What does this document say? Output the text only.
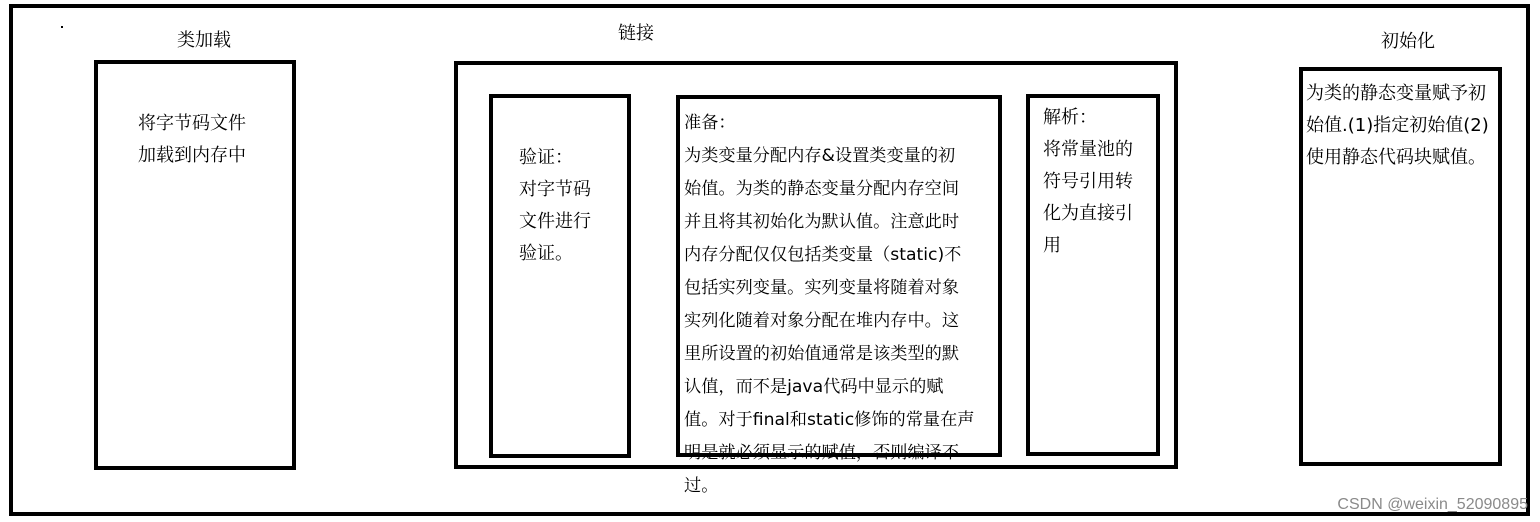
类加载
将字节码文件
加载到内存中
链接
验证：
对字节码
文件进行
验证。
准备：
为类变量分配内存&设置类变量的初
始值。为类的静态变量分配内存空间
并且将其初始化为默认值。注意此时
内存分配仅仅包括类变量（static)不
包括实列变量。实列变量将随着对象
实列化随着对象分配在堆内存中。这
里所设置的初始值通常是该类型的默
认值，而不是java代码中显示的赋
值。对于final和static修饰的常量在声
明是就必须显示的赋值，否则编译不
过。
解析：
将常量池的
符号引用转
化为直接引
用
初始化
为类的静态变量赋予初
始值.(1)指定初始值(2)
使用静态代码块赋值。
CSDN @weixin_52090895
